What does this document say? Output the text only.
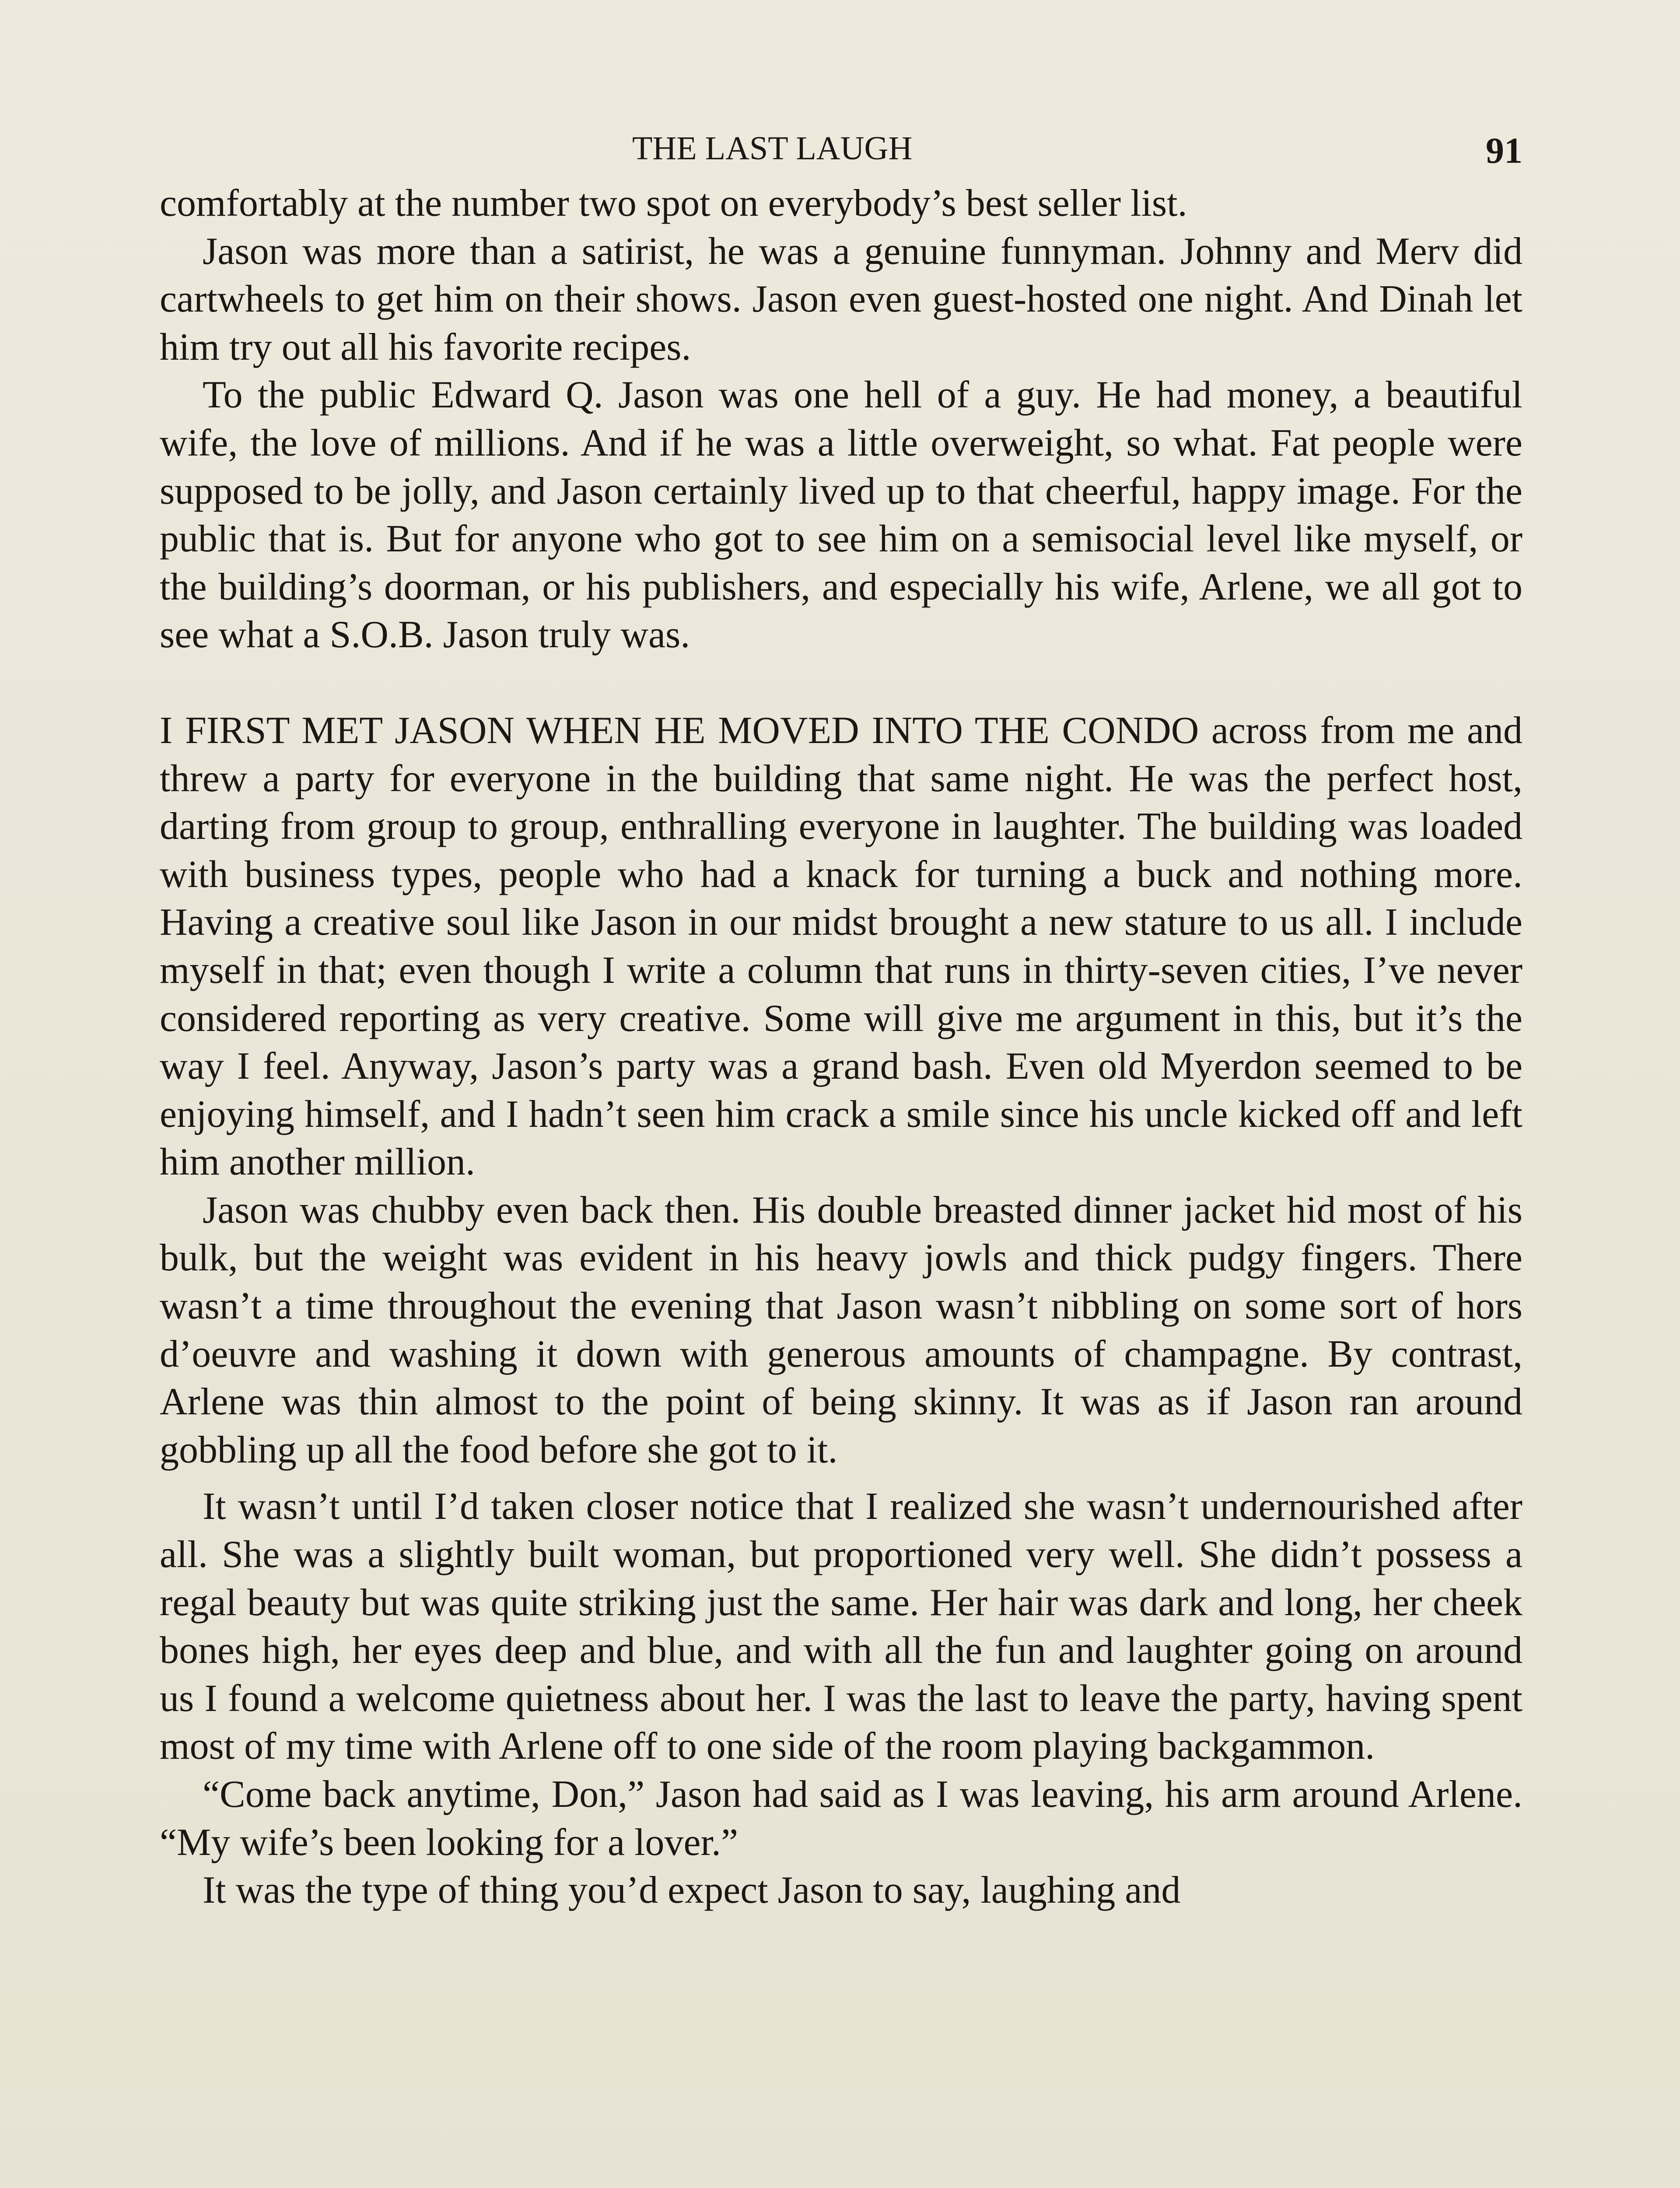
THE LAST LAUGH	91

comfortably at the number two spot on everybody’s best seller list.

Jason was more than a satirist, he was a genuine funnyman. Johnny and Merv did cartwheels to get him on their shows. Jason even guest-hosted one night. And Dinah let him try out all his favorite recipes.

To the public Edward Q. Jason was one hell of a guy. He had money, a beautiful wife, the love of millions. And if he was a little overweight, so what. Fat people were supposed to be jolly, and Jason certainly lived up to that cheerful, happy image. For the public that is. But for anyone who got to see him on a semisocial level like myself, or the building’s doorman, or his publishers, and especially his wife, Arlene, we all got to see what a S.O.B. Jason truly was.

I FIRST MET JASON WHEN HE MOVED INTO THE CONDO across from me and threw a party for everyone in the building that same night. He was the perfect host, darting from group to group, enthralling everyone in laughter. The building was loaded with business types, people who had a knack for turning a buck and nothing more. Having a creative soul like Jason in our midst brought a new stature to us all. I include myself in that; even though I write a column that runs in thirty-seven cities, I’ve never considered reporting as very creative. Some will give me argument in this, but it’s the way I feel. Anyway, Jason’s party was a grand bash. Even old Myerdon seemed to be enjoying himself, and I hadn’t seen him crack a smile since his uncle kicked off and left him another million.

Jason was chubby even back then. His double breasted dinner jacket hid most of his bulk, but the weight was evident in his heavy jowls and thick pudgy fingers. There wasn’t a time throughout the evening that Jason wasn’t nibbling on some sort of hors d’oeuvre and washing it down with generous amounts of champagne. By contrast, Arlene was thin almost to the point of being skinny. It was as if Jason ran around gobbling up all the food before she got to it.

It wasn’t until I’d taken closer notice that I realized she wasn’t undernourished after all. She was a slightly built woman, but proportioned very well. She didn’t possess a regal beauty but was quite striking just the same. Her hair was dark and long, her cheek bones high, her eyes deep and blue, and with all the fun and laughter going on around us I found a welcome quietness about her. I was the last to leave the party, having spent most of my time with Arlene off to one side of the room playing backgammon.

“Come back anytime, Don,” Jason had said as I was leaving, his arm around Arlene. “My wife’s been looking for a lover.”

It was the type of thing you’d expect Jason to say, laughing and
